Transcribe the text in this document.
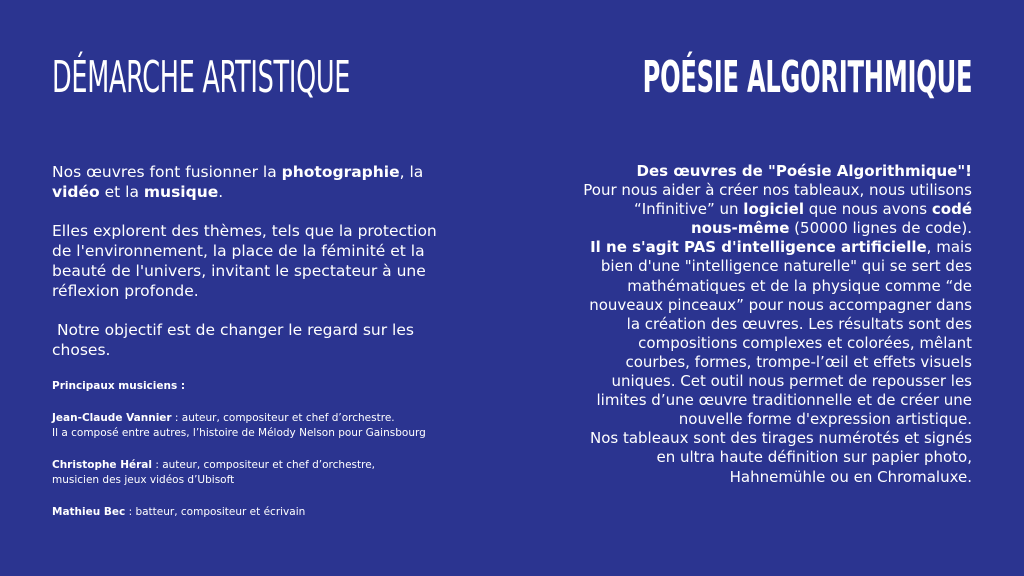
DÉMARCHE ARTISTIQUE	POÉSIE ALGORITHMIQUE

Nos œuvres font fusionner la photographie, la vidéo et la musique.

Elles explorent des thèmes, tels que la protection de l'environnement, la place de la féminité et la beauté de l'univers, invitant le spectateur à une réflexion profonde.

Notre objectif est de changer le regard sur les choses.

Principaux musiciens :

Jean-Claude Vannier : auteur, compositeur et chef d’orchestre.
Il a composé entre autres, l’histoire de Mélody Nelson pour Gainsbourg

Christophe Héral : auteur, compositeur et chef d’orchestre,
musicien des jeux vidéos d’Ubisoft

Mathieu Bec : batteur, compositeur et écrivain

Des œuvres de "Poésie Algorithmique"!

Pour nous aider à créer nos tableaux, nous utilisons “Infinitive” un logiciel que nous avons codé nous-même (50000 lignes de code).

Il ne s'agit PAS d'intelligence artificielle, mais bien d'une "intelligence naturelle" qui se sert des mathématiques et de la physique comme “de nouveaux pinceaux” pour nous accompagner dans la création des œuvres. Les résultats sont des compositions complexes et colorées, mêlant courbes, formes, trompe-l’œil et effets visuels uniques. Cet outil nous permet de repousser les limites d’une œuvre traditionnelle et de créer une nouvelle forme d'expression artistique.

Nos tableaux sont des tirages numérotés et signés en ultra haute définition sur papier photo, Hahnemühle ou en Chromaluxe.
